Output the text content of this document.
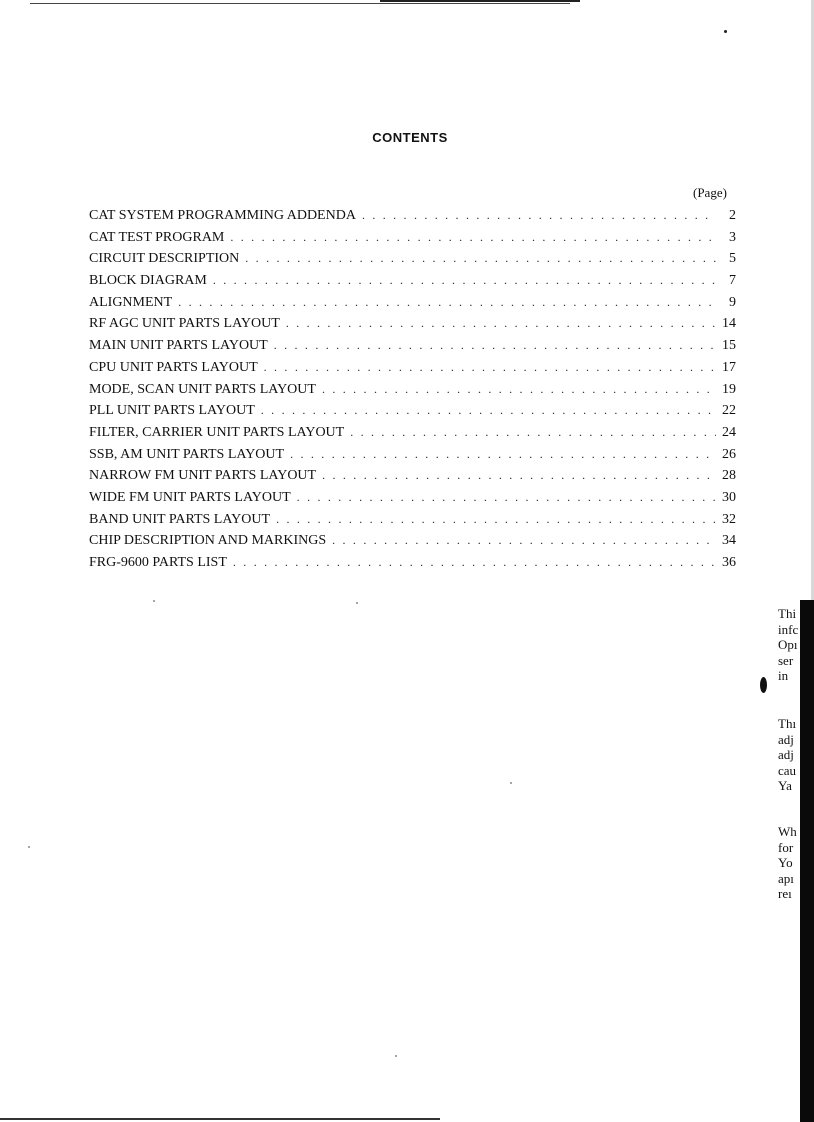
CONTENTS
(Page)
CAT SYSTEM PROGRAMMING ADDENDA . . .	2
CAT TEST PROGRAM . . .	3
CIRCUIT DESCRIPTION . . .	5
BLOCK DIAGRAM . . .	7
ALIGNMENT . . .	9
RF AGC UNIT PARTS LAYOUT . . .	14
MAIN UNIT PARTS LAYOUT . . .	15
CPU UNIT PARTS LAYOUT . . .	17
MODE, SCAN UNIT PARTS LAYOUT . . .	19
PLL UNIT PARTS LAYOUT . . .	22
FILTER, CARRIER UNIT PARTS LAYOUT . . .	24
SSB, AM UNIT PARTS LAYOUT . . .	26
NARROW FM UNIT PARTS LAYOUT . . .	28
WIDE FM UNIT PARTS LAYOUT . . .	30
BAND UNIT PARTS LAYOUT . . .	32
CHIP DESCRIPTION AND MARKINGS . . .	34
FRG-9600 PARTS LIST . . .	36
Thi
infc
Opı
ser
in
Thı
adj
adj
cau
Ya
Wh
for
Yo
apı
reı
